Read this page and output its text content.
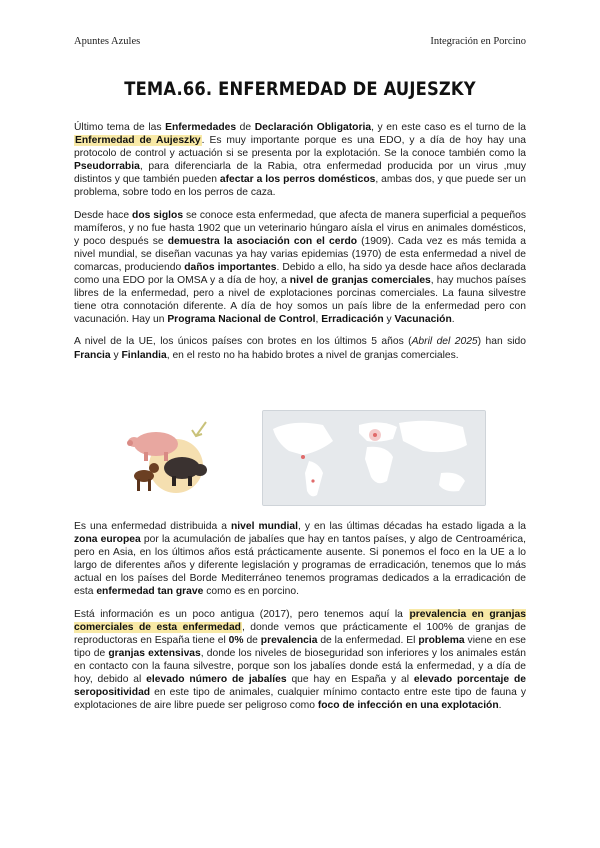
Apuntes Azules	Integración en Porcino
TEMA.66. ENFERMEDAD DE AUJESZKY

Último tema de las Enfermedades de Declaración Obligatoria, y en este caso es el turno de la Enfermedad de Aujeszky. Es muy importante porque es una EDO, y a día de hoy hay una protocolo de control y actuación si se presenta por la explotación. Se la conoce también como la Pseudorrabia, para diferenciarla de la Rabia, otra enfermedad producida por un virus ,muy distintos y que también pueden afectar a los perros domésticos, ambas dos, y que puede ser un problema, sobre todo en los perros de caza.

Desde hace dos siglos se conoce esta enfermedad, que afecta de manera superficial a pequeños mamíferos, y no fue hasta 1902 que un veterinario húngaro aísla el virus en animales domésticos, y poco después se demuestra la asociación con el cerdo (1909). Cada vez es más temida a nivel mundial, se diseñan vacunas ya hay varias epidemias (1970) de esta enfermedad a nivel de comarcas, produciendo daños importantes. Debido a ello, ha sido ya desde hace años declarada como una EDO por la OMSA y a día de hoy, a nivel de granjas comerciales, hay muchos países libres de la enfermedad, pero a nivel de explotaciones porcinas comerciales. La fauna silvestre tiene otra connotación diferente. A día de hoy somos un país libre de la enfermedad pero con vacunación. Hay un Programa Nacional de Control, Erradicación y Vacunación.

A nivel de la UE, los únicos países con brotes en los últimos 5 años (Abril del 2025) han sido Francia y Finlandia, en el resto no ha habido brotes a nivel de granjas comerciales.

Es una enfermedad distribuida a nivel mundial, y en las últimas décadas ha estado ligada a la zona europea por la acumulación de jabalíes que hay en tantos países, y algo de Centroamérica, pero en Asia, en los últimos años está prácticamente ausente. Si ponemos el foco en la UE a lo largo de diferentes años y diferente legislación y programas de erradicación, tenemos que lo más actual en los países del Borde Mediterráneo tenemos programas dedicados a la erradicación de esta enfermedad tan grave como es en porcino.

Está información es un poco antigua (2017), pero tenemos aquí la prevalencia en granjas comerciales de esta enfermedad, donde vemos que prácticamente el 100% de granjas de reproductoras en España tiene el 0% de prevalencia de la enfermedad. El problema viene en ese tipo de granjas extensivas, donde los niveles de bioseguridad son inferiores y los animales están en contacto con la fauna silvestre, porque son los jabalíes donde está la enfermedad, y a día de hoy, debido al elevado número de jabalíes que hay en España y al elevado porcentaje de seropositividad en este tipo de animales, cualquier mínimo contacto entre este tipo de fauna y explotaciones de aire libre puede ser peligroso como foco de infección en una explotación.
